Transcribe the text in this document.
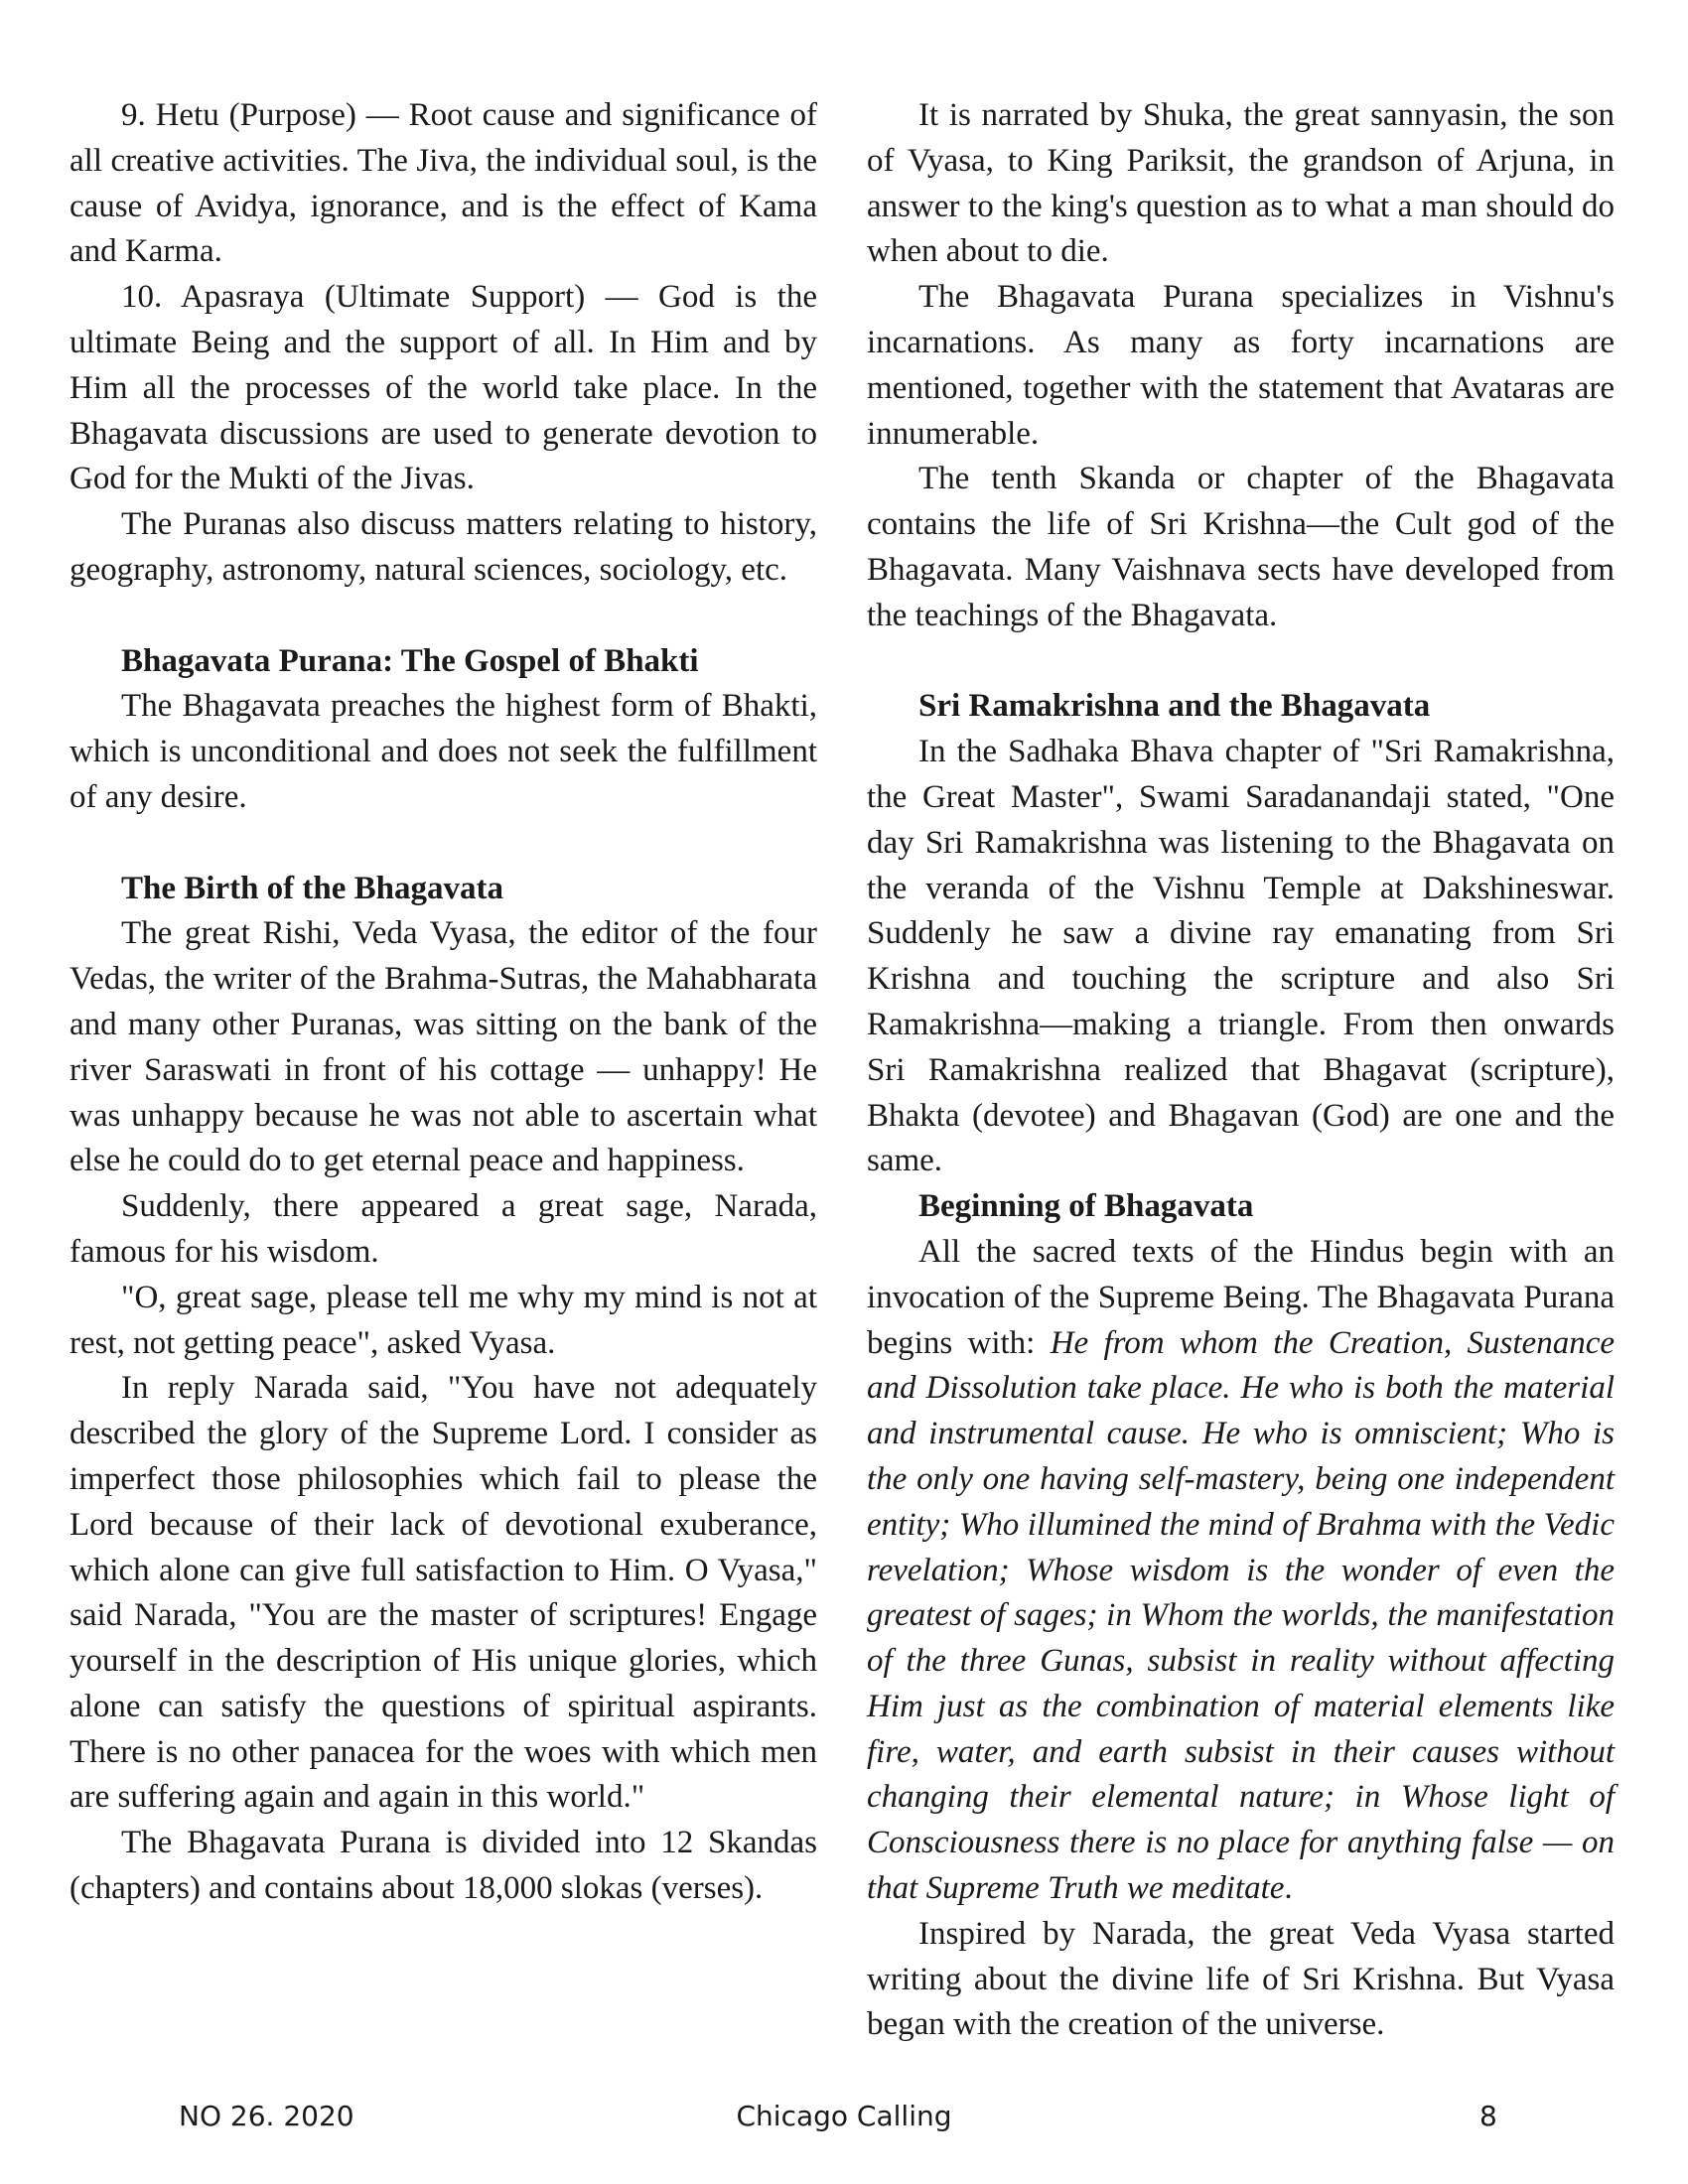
9. Hetu (Purpose) — Root cause and significance of all creative activities. The Jiva, the individual soul, is the cause of Avidya, ignorance, and is the effect of Kama and Karma.

10. Apasraya (Ultimate Support) — God is the ultimate Being and the support of all. In Him and by Him all the processes of the world take place. In the Bhagavata discussions are used to generate devotion to God for the Mukti of the Jivas.

The Puranas also discuss matters relating to history, geography, astronomy, natural sciences, sociology, etc.

Bhagavata Purana: The Gospel of Bhakti

The Bhagavata preaches the highest form of Bhakti, which is unconditional and does not seek the fulfillment of any desire.

The Birth of the Bhagavata

The great Rishi, Veda Vyasa, the editor of the four Vedas, the writer of the Brahma-Sutras, the Mahabharata and many other Puranas, was sitting on the bank of the river Saraswati in front of his cottage — unhappy! He was unhappy because he was not able to ascertain what else he could do to get eternal peace and happiness.

Suddenly, there appeared a great sage, Narada, famous for his wisdom.

"O, great sage, please tell me why my mind is not at rest, not getting peace", asked Vyasa.

In reply Narada said, "You have not adequately described the glory of the Supreme Lord. I consider as imperfect those philosophies which fail to please the Lord because of their lack of devotional exuberance, which alone can give full satisfaction to Him. O Vyasa," said Narada, "You are the master of scriptures! Engage yourself in the description of His unique glories, which alone can satisfy the questions of spiritual aspirants. There is no other panacea for the woes with which men are suffering again and again in this world."

The Bhagavata Purana is divided into 12 Skandas (chapters) and contains about 18,000 slokas (verses).

It is narrated by Shuka, the great sannyasin, the son of Vyasa, to King Pariksit, the grandson of Arjuna, in answer to the king's question as to what a man should do when about to die.

The Bhagavata Purana specializes in Vishnu's incarnations. As many as forty incarnations are mentioned, together with the statement that Avataras are innumerable.

The tenth Skanda or chapter of the Bhagavata contains the life of Sri Krishna—the Cult god of the Bhagavata. Many Vaishnava sects have developed from the teachings of the Bhagavata.

Sri Ramakrishna and the Bhagavata

In the Sadhaka Bhava chapter of "Sri Ramakrishna, the Great Master", Swami Saradanandaji stated, "One day Sri Ramakrishna was listening to the Bhagavata on the veranda of the Vishnu Temple at Dakshineswar. Suddenly he saw a divine ray emanating from Sri Krishna and touching the scripture and also Sri Ramakrishna—making a triangle. From then onwards Sri Ramakrishna realized that Bhagavat (scripture), Bhakta (devotee) and Bhagavan (God) are one and the same.

Beginning of Bhagavata

All the sacred texts of the Hindus begin with an invocation of the Supreme Being. The Bhagavata Purana begins with: He from whom the Creation, Sustenance and Dissolution take place. He who is both the material and instrumental cause. He who is omniscient; Who is the only one having self-mastery, being one independent entity; Who illumined the mind of Brahma with the Vedic revelation; Whose wisdom is the wonder of even the greatest of sages; in Whom the worlds, the manifestation of the three Gunas, subsist in reality without affecting Him just as the combination of material elements like fire, water, and earth subsist in their causes without changing their elemental nature; in Whose light of Consciousness there is no place for anything false — on that Supreme Truth we meditate.

Inspired by Narada, the great Veda Vyasa started writing about the divine life of Sri Krishna. But Vyasa began with the creation of the universe.

Chicago Calling
NO 26. 2020	8
